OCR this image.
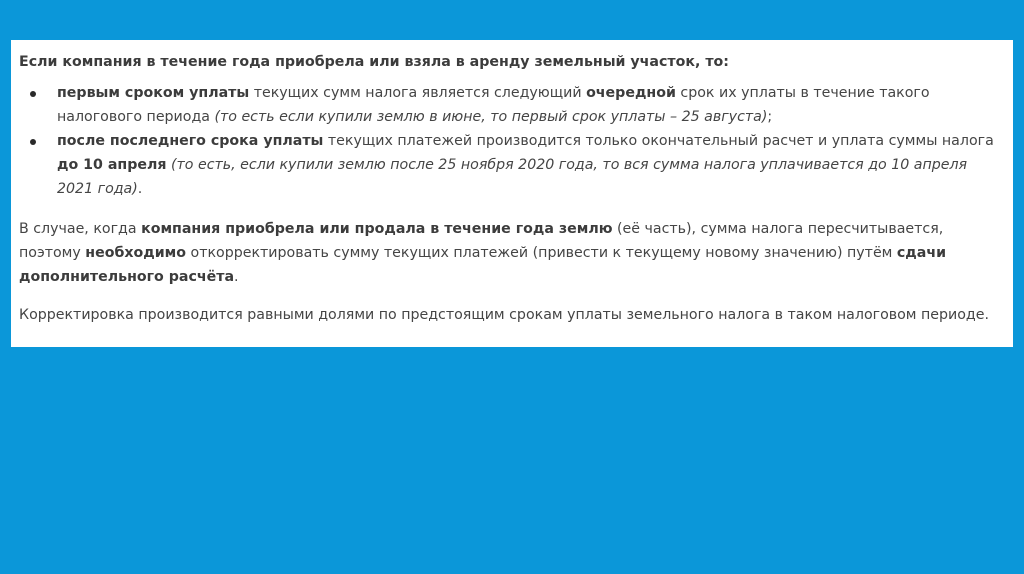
Если компания в течение года приобрела или взяла в аренду земельный участок, то:

первым сроком уплаты текущих сумм налога является следующий очередной срок их уплаты в течение такого налогового периода (то есть если купили землю в июне, то первый срок уплаты – 25 августа);
после последнего срока уплаты текущих платежей производится только окончательный расчет и уплата суммы налога до 10 апреля (то есть, если купили землю после 25 ноября 2020 года, то вся сумма налога уплачивается до 10 апреля 2021 года).

В случае, когда компания приобрела или продала в течение года землю (её часть), сумма налога пересчитывается, поэтому необходимо откорректировать сумму текущих платежей (привести к текущему новому значению) путём сдачи дополнительного расчёта.

Корректировка производится равными долями по предстоящим срокам уплаты земельного налога в таком налоговом периоде.
